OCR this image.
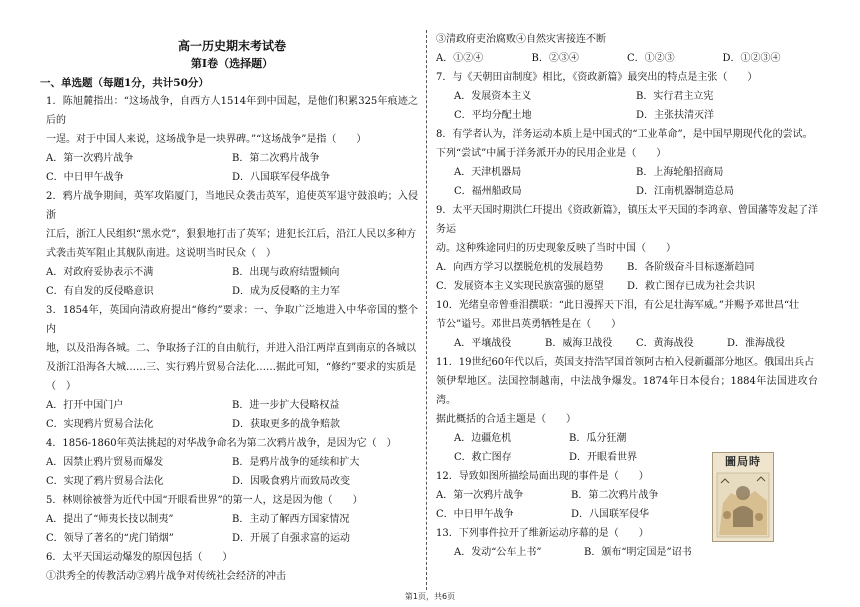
高一历史期末考试卷

第Ⅰ卷（选择题）

一、单选题（每题1分，共计50分）

1．陈旭麓指出：“这场战争，自西方人1514年到中国起，是他们积累325年痕迹之后的

一逞。对于中国人来说，这场战争是一块界碑。”“这场战争”是指（　　）

A．第一次鸦片战争	B．第二次鸦片战争
C．中日甲午战争	D．八国联军侵华战争

2．鸦片战争期间，英军攻陷厦门，当地民众袭击英军，追使英军退守鼓浪屿；入侵浙

江后，浙江人民组织“黑水党”，狠狠地打击了英军；进犯长江后，沿江人民以多种方

式袭击英军阻止其舰队南进。这说明当时民众（　）

A．对政府妥协表示不满	B．出现与政府结盟倾向
C．有自发的反侵略意识	D．成为反侵略的主力军

3．1854年，英国向清政府提出“修约”要求：一、争取广泛地进入中华帝国的整个内

地，以及沿海各城。二、争取扬子江的自由航行，并进入沿江两岸直到南京的各城以

及浙江沿海各大城……三、实行鸦片贸易合法化……据此可知，“修约”要求的实质是

（　）

A．打开中国门户	B．进一步扩大侵略权益
C．实现鸦片贸易合法化	D．获取更多的战争赔款

4．1856-1860年英法挑起的对华战争命名为第二次鸦片战争，是因为它（　）

A．因禁止鸦片贸易而爆发	B．是鸦片战争的延续和扩大
C．实现了鸦片贸易合法化	D．因吸食鸦片而致局改变

5．林则徐被誉为近代中国“开眼看世界”的第一人，这是因为他（　　）

A．提出了“师夷长技以制夷”	B．主动了解西方国家情况
C．领导了著名的“虎门销烟”	D．开展了自强求富的运动

6．太平天国运动爆发的原因包括（　　）

①洪秀全的传教活动②鸦片战争对传统社会经济的冲击

③清政府吏治腐败④自然灾害接连不断

A．①②④	B．②③④	C．①②③	D．①②③④

7．与《天朝田亩制度》相比，《资政新篇》最突出的特点是主张（　　）

A．发展资本主义	B．实行君主立宪
C．平均分配土地	D．主张扶清灭洋

8．有学者认为，洋务运动本质上是中国式的“工业革命”，是中国早期现代化的尝试。

下列“尝试”中属于洋务派开办的民用企业是（　　）

A．天津机器局	B．上海轮船招商局
C．福州船政局	D．江南机器制造总局

9．太平天国时期洪仁玕提出《资政新篇》，镇压太平天国的李鸿章、曾国藩等发起了洋务运

动。这种殊途同归的历史现象反映了当时中国（　　）

A．向西方学习以摆脱危机的发展趋势	B．各阶级奋斗目标逐渐趋同
C．发展资本主义实现民族富强的愿望	D．救亡图存已成为社会共识

10．光绪皇帝曾垂泪撰联：“此日漫挥天下泪，有公足壮海军威。”并赐予邓世昌“壮

节公”谥号。邓世昌英勇牺牲是在（　　）

A．平壤战役	B．威海卫战役	C．黄海战役	D．淮海战役

11．19世纪60年代以后，英国支持浩罕国首领阿古柏入侵新疆部分地区。俄国出兵占

领伊犁地区。法国控制越南，中法战争爆发。1874年日本侵台；1884年法国进攻台湾。

据此概括的合适主题是（　　）

A．边疆危机	B．瓜分狂潮
C．救亡图存	D．开眼看世界

12．导致如图所描绘局面出现的事件是（　　）

A．第一次鸦片战争	B．第二次鸦片战争
C．中日甲午战争	D．八国联军侵华

13．下列事件拉开了维新运动序幕的是（　　）

A．发动“公车上书”	B．颁布“明定国是”诏书
圖局時
第1页，共6页
